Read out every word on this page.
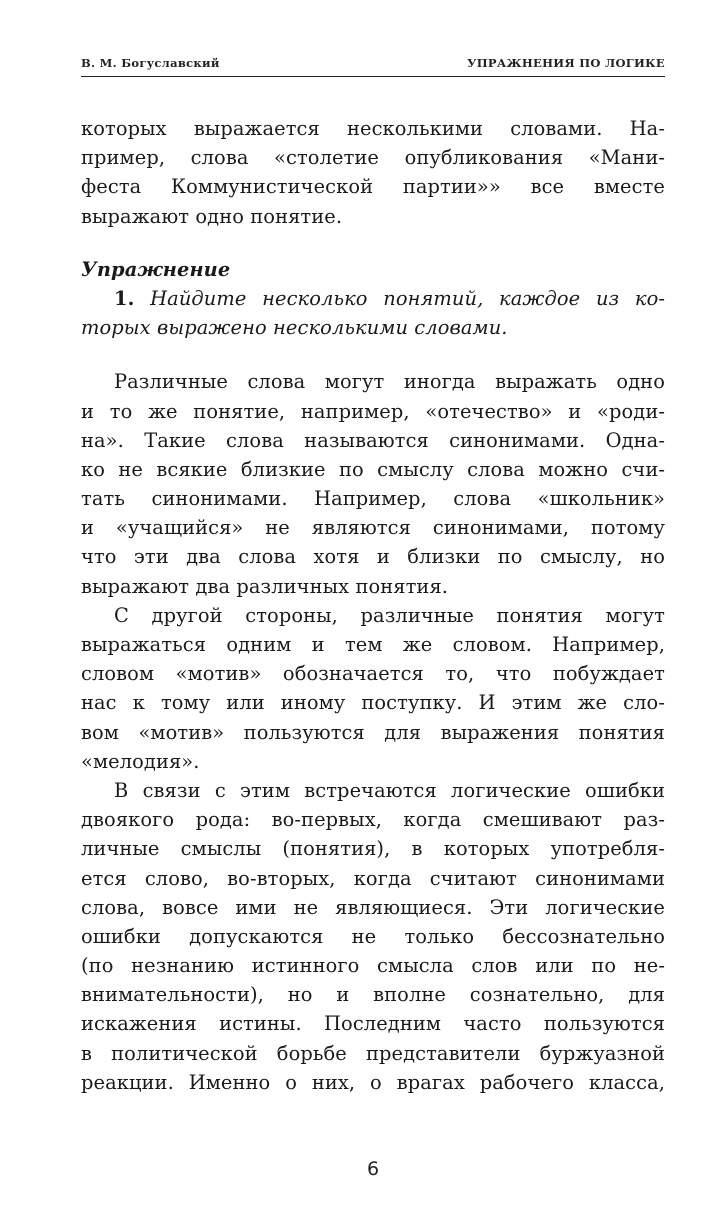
В. М. Богуславский	УПРАЖНЕНИЯ ПО ЛОГИКЕ
которых выражается несколькими словами. На-
пример, слова «столетие опубликования «Мани-
феста Коммунистической партии»» все вместе
выражают одно понятие.
Упражнение
1. Найдите несколько понятий, каждое из ко-
торых выражено несколькими словами.
Различные слова могут иногда выражать одно
и то же понятие, например, «отечество» и «роди-
на». Такие слова называются синонимами. Одна-
ко не всякие близкие по смыслу слова можно счи-
тать синонимами. Например, слова «школьник»
и «учащийся» не являются синонимами, потому
что эти два слова хотя и близки по смыслу, но
выражают два различных понятия.
С другой стороны, различные понятия могут
выражаться одним и тем же словом. Например,
словом «мотив» обозначается то, что побуждает
нас к тому или иному поступку. И этим же сло-
вом «мотив» пользуются для выражения понятия
«мелодия».
В связи с этим встречаются логические ошибки
двоякого рода: во-первых, когда смешивают раз-
личные смыслы (понятия), в которых употребля-
ется слово, во-вторых, когда считают синонимами
слова, вовсе ими не являющиеся. Эти логические
ошибки допускаются не только бессознательно
(по незнанию истинного смысла слов или по не-
внимательности), но и вполне сознательно, для
искажения истины. Последним часто пользуются
в политической борьбе представители буржуазной
реакции. Именно о них, о врагах рабочего класса,
6
